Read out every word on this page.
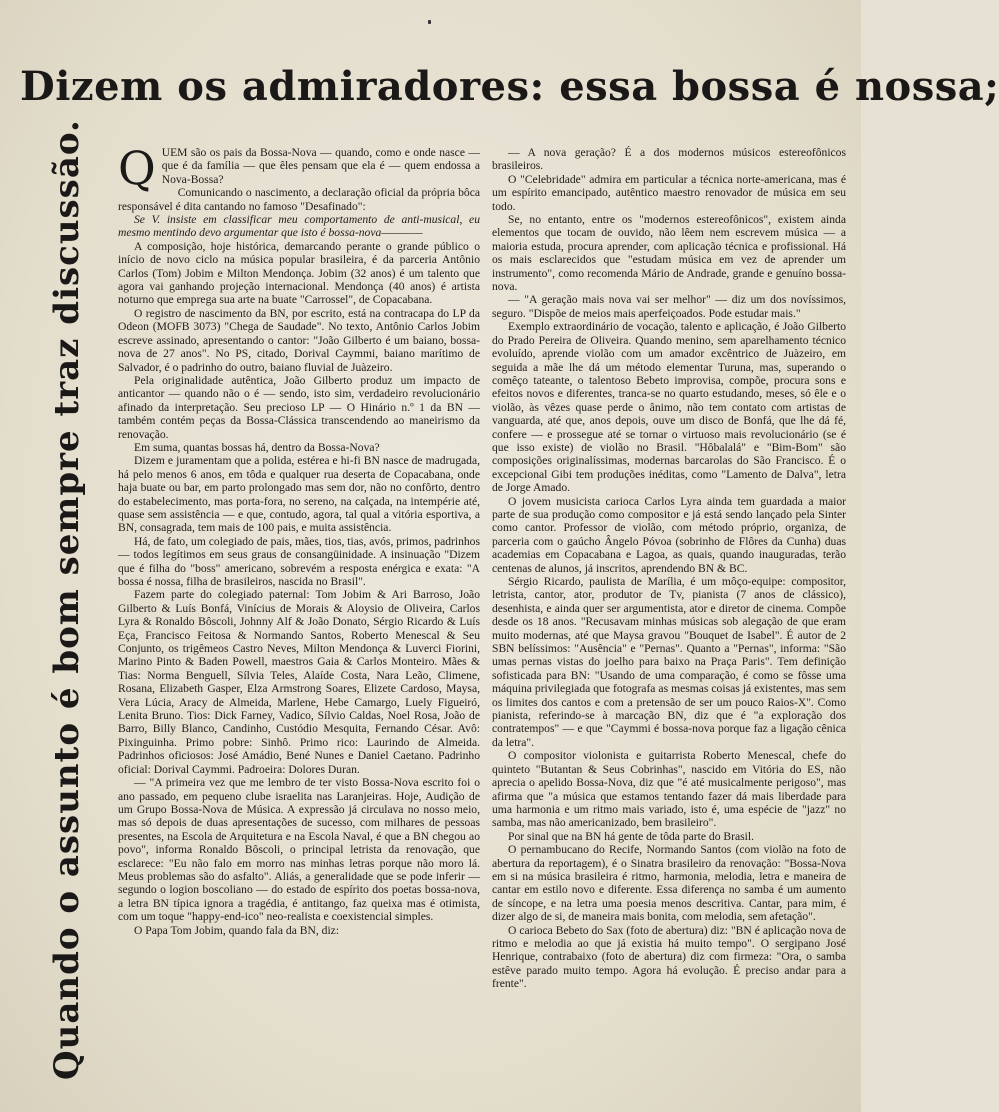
Dizem os admiradores: essa bossa é nossa;
Quando o assunto é bom sempre traz discussão. QUEM são os pais da Bossa-Nova — quando, como e onde nasce — que é da família — que êles pensam que ela é — quem endossa a Nova-Bossa?

Comunicando o nascimento, a declaração oficial da própria bôca responsável é dita cantando no famoso "Desafinado":

Se V. insiste em classificar meu comportamento de anti-musical, eu mesmo mentindo devo argumentar que isto é bossa-nova————

A composição, hoje histórica, demarcando perante o grande público o início de novo ciclo na música popular brasileira, é da parceria Antônio Carlos (Tom) Jobim e Milton Mendonça. Jobim (32 anos) é um talento que agora vai ganhando projeção internacional. Mendonça (40 anos) é artista noturno que emprega sua arte na buate "Carrossel", de Copacabana.

O registro de nascimento da BN, por escrito, está na contracapa do LP da Odeon (MOFB 3073) "Chega de Saudade". No texto, Antônio Carlos Jobim escreve assinado, apresentando o cantor: "João Gilberto é um baiano, bossa-nova de 27 anos". No PS, citado, Dorival Caymmi, baiano marítimo de Salvador, é o padrinho do outro, baiano fluvial de Juàzeiro.

Pela originalidade autêntica, João Gilberto produz um impacto de anticantor — quando não o é — sendo, isto sim, verdadeiro revolucionário afinado da interpretação. Seu precioso LP — O Hinário n.º 1 da BN — também contém peças da Bossa-Clássica transcendendo ao maneirismo da renovação.

Em suma, quantas bossas há, dentro da Bossa-Nova?

Dizem e juramentam que a polida, estérea e hi-fi BN nasce de madrugada, há pelo menos 6 anos, em tôda e qualquer rua deserta de Copacabana, onde haja buate ou bar, em parto prolongado mas sem dor, não no confôrto, dentro do estabelecimento, mas porta-fora, no sereno, na calçada, na intempérie até, quase sem assistência — e que, contudo, agora, tal qual a vitória esportiva, a BN, consagrada, tem mais de 100 pais, e muita assistência.

Há, de fato, um colegiado de pais, mães, tios, tias, avós, primos, padrinhos — todos legítimos em seus graus de consangüinidade. A insinuação "Dizem que é filha do "boss" americano, sobrevém a resposta enérgica e exata: "A bossa é nossa, filha de brasileiros, nascida no Brasil".

Fazem parte do colegiado paternal: Tom Jobim & Ari Barroso, João Gilberto & Luís Bonfá, Vinícius de Morais & Aloysio de Oliveira, Carlos Lyra & Ronaldo Bôscoli, Johnny Alf & João Donato, Sérgio Ricardo & Luís Eça, Francisco Feitosa & Normando Santos, Roberto Menescal & Seu Conjunto, os trigêmeos Castro Neves, Milton Mendonça & Luverci Fiorini, Marino Pinto & Baden Powell, maestros Gaia & Carlos Monteiro. Mães & Tias: Norma Benguell, Sílvia Teles, Alaíde Costa, Nara Leão, Climene, Rosana, Elizabeth Gasper, Elza Armstrong Soares, Elizete Cardoso, Maysa, Vera Lúcia, Aracy de Almeida, Marlene, Hebe Camargo, Luely Figueiró, Lenita Bruno. Tios: Dick Farney, Vadico, Sílvio Caldas, Noel Rosa, João de Barro, Billy Blanco, Candinho, Custódio Mesquita, Fernando César. Avô: Pixinguinha. Primo pobre: Sinhô. Primo rico: Laurindo de Almeida. Padrinhos oficiosos: José Amádio, Bené Nunes e Daniel Caetano. Padrinho oficial: Dorival Caymmi. Padroeira: Dolores Duran.

— "A primeira vez que me lembro de ter visto Bossa-Nova escrito foi o ano passado, em pequeno clube israelita nas Laranjeiras. Hoje, Audição de um Grupo Bossa-Nova de Música. A expressão já circulava no nosso meio, mas só depois de duas apresentações de sucesso, com milhares de pessoas presentes, na Escola de Arquitetura e na Escola Naval, é que a BN chegou ao povo", informa Ronaldo Bôscoli, o principal letrista da renovação, que esclarece: "Eu não falo em morro nas minhas letras porque não moro lá. Meus problemas são do asfalto". Aliás, a generalidade que se pode inferir — segundo o logion boscoliano — do estado de espírito dos poetas bossa-nova, a letra BN típica ignora a tragédia, é antitango, faz queixa mas é otimista, com um toque "happy-end-ico" neo-realista e coexistencial simples.

O Papa Tom Jobim, quando fala da BN, diz:

— A nova geração? É a dos modernos músicos estereofônicos brasileiros.

O "Celebridade" admira em particular a técnica norte-americana, mas é um espírito emancipado, autêntico maestro renovador de música em seu todo.

Se, no entanto, entre os "modernos estereofônicos", existem ainda elementos que tocam de ouvido, não lêem nem escrevem música — a maioria estuda, procura aprender, com aplicação técnica e profissional. Há os mais esclarecidos que "estudam música em vez de aprender um instrumento", como recomenda Mário de Andrade, grande e genuíno bossa-nova.

— "A geração mais nova vai ser melhor" — diz um dos novíssimos, seguro. "Dispõe de meios mais aperfeiçoados. Pode estudar mais."

Exemplo extraordinário de vocação, talento e aplicação, é João Gilberto do Prado Pereira de Oliveira. Quando menino, sem aparelhamento técnico evoluído, aprende violão com um amador excêntrico de Juàzeiro, em seguida a mãe lhe dá um método elementar Turuna, mas, superando o comêço tateante, o talentoso Bebeto improvisa, compõe, procura sons e efeitos novos e diferentes, tranca-se no quarto estudando, meses, só êle e o violão, às vêzes quase perde o ânimo, não tem contato com artistas de vanguarda, até que, anos depois, ouve um disco de Bonfá, que lhe dá fé, confere — e prossegue até se tornar o virtuoso mais revolucionário (se é que isso existe) de violão no Brasil. "Hôbalalá" e "Bim-Bom" são composições originalíssimas, modernas barcarolas do São Francisco. É o excepcional Gibi tem produções inéditas, como "Lamento de Dalva", letra de Jorge Amado.

O jovem musicista carioca Carlos Lyra ainda tem guardada a maior parte de sua produção como compositor e já está sendo lançado pela Sinter como cantor. Professor de violão, com método próprio, organiza, de parceria com o gaúcho Ângelo Póvoa (sobrinho de Flôres da Cunha) duas academias em Copacabana e Lagoa, as quais, quando inauguradas, terão centenas de alunos, já inscritos, aprendendo BN & BC.

Sérgio Ricardo, paulista de Marília, é um môço-equipe: compositor, letrista, cantor, ator, produtor de Tv, pianista (7 anos de clássico), desenhista, e ainda quer ser argumentista, ator e diretor de cinema. Compõe desde os 18 anos. "Recusavam minhas músicas sob alegação de que eram muito modernas, até que Maysa gravou "Bouquet de Isabel". É autor de 2 SBN belíssimos: "Ausência" e "Pernas". Quanto a "Pernas", informa: "São umas pernas vistas do joelho para baixo na Praça Paris". Tem definição sofisticada para BN: "Usando de uma comparação, é como se fôsse uma máquina privilegiada que fotografa as mesmas coisas já existentes, mas sem os limites dos cantos e com a pretensão de ser um pouco Raios-X". Como pianista, referindo-se à marcação BN, diz que é "a exploração dos contratempos" — e que "Caymmi é bossa-nova porque faz a ligação cênica da letra".

O compositor violonista e guitarrista Roberto Menescal, chefe do quinteto "Butantan & Seus Cobrinhas", nascido em Vitória do ES, não aprecia o apelido Bossa-Nova, diz que "é até musicalmente perigoso", mas afirma que "a música que estamos tentando fazer dá mais liberdade para uma harmonia e um ritmo mais variado, isto é, uma espécie de "jazz" no samba, mas não americanizado, bem brasileiro".

Por sinal que na BN há gente de tôda parte do Brasil.

O pernambucano do Recife, Normando Santos (com violão na foto de abertura da reportagem), é o Sinatra brasileiro da renovação: "Bossa-Nova em si na música brasileira é ritmo, harmonia, melodia, letra e maneira de cantar em estilo novo e diferente. Essa diferença no samba é um aumento de síncope, e na letra uma poesia menos descritiva. Cantar, para mim, é dizer algo de si, de maneira mais bonita, com melodia, sem afetação".

O carioca Bebeto do Sax (foto de abertura) diz: "BN é aplicação nova de ritmo e melodia ao que já existia há muito tempo". O sergipano José Henrique, contrabaixo (foto de abertura) diz com firmeza: "Ora, o samba estêve parado muito tempo. Agora há evolução. É preciso andar para a frente".
